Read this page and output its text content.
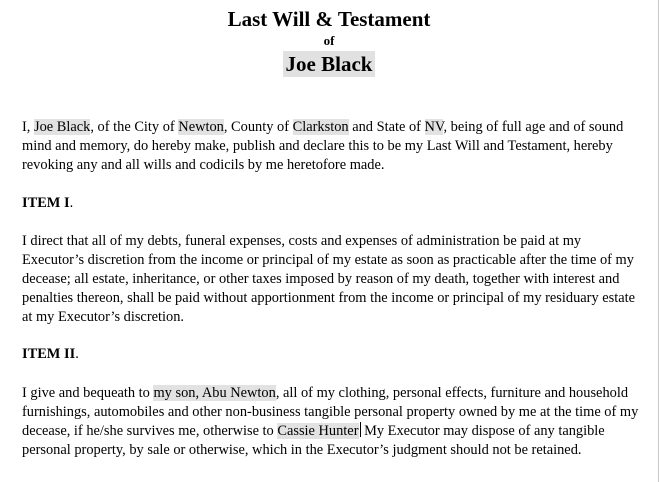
Last Will & Testament
of
Joe Black
I, Joe Black, of the City of Newton, County of Clarkston and State of NV, being of full age and of sound mind and memory, do hereby make, publish and declare this to be my Last Will and Testament, hereby revoking any and all wills and codicils by me heretofore made.
ITEM I.
I direct that all of my debts, funeral expenses, costs and expenses of administration be paid at my Executor’s discretion from the income or principal of my estate as soon as practicable after the time of my decease; all estate, inheritance, or other taxes imposed by reason of my death, together with interest and penalties thereon, shall be paid without apportionment from the income or principal of my residuary estate at my Executor’s discretion.
ITEM II.
I give and bequeath to my son, Abu Newton, all of my clothing, personal effects, furniture and household furnishings, automobiles and other non-business tangible personal property owned by me at the time of my decease, if he/she survives me, otherwise to Cassie Hunter My Executor may dispose of any tangible personal property, by sale or otherwise, which in the Executor’s judgment should not be retained.
